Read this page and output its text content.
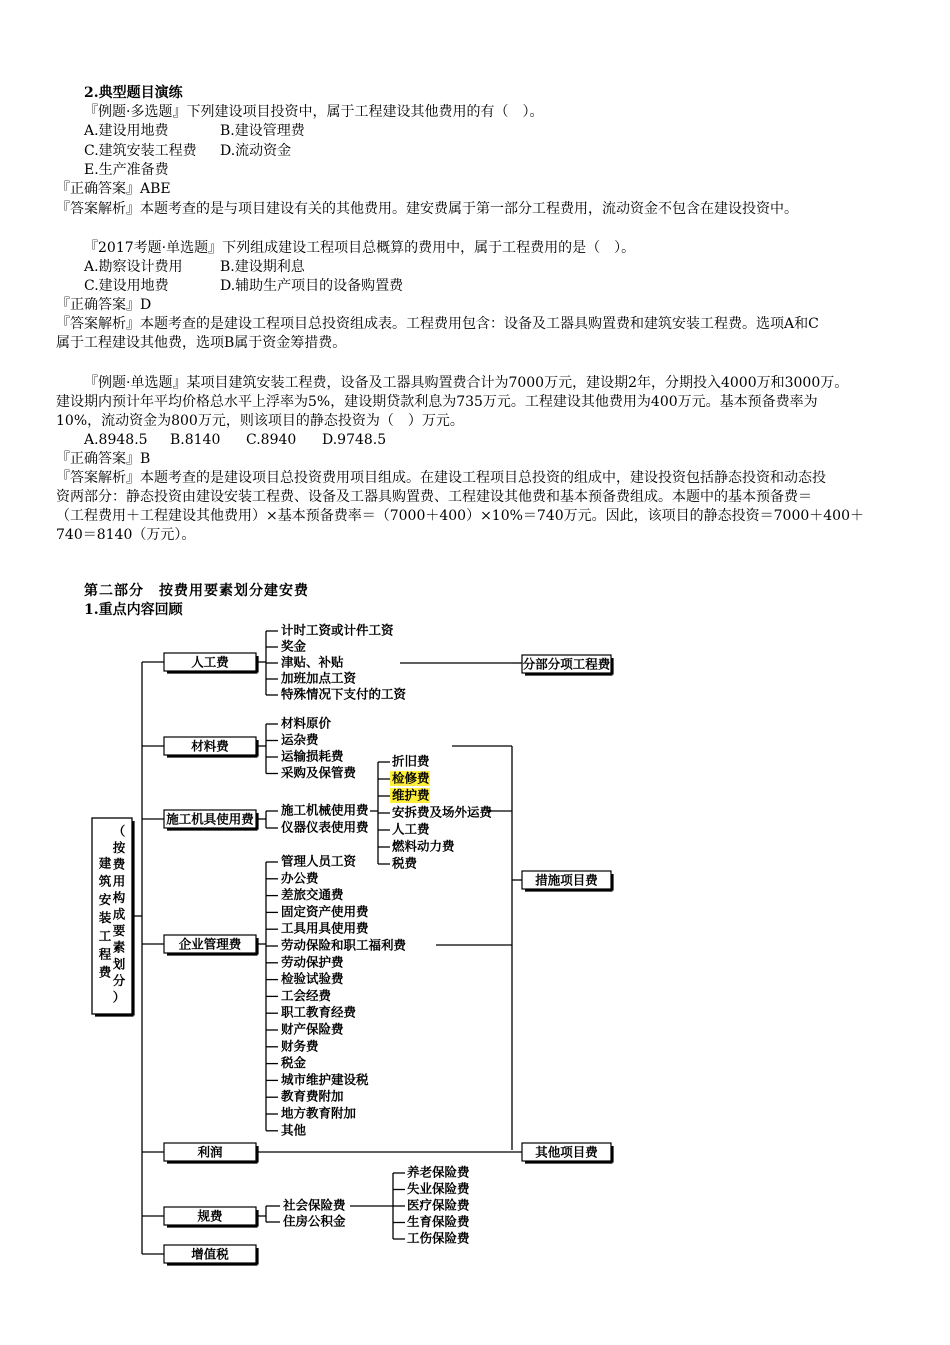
2.典型题目演练
『例题·多选题』下列建设项目投资中，属于工程建设其他费用的有（　）。
A.建设用地费	B.建设管理费
C.建筑安装工程费 D.流动资金
E.生产准备费
『正确答案』ABE
『答案解析』本题考查的是与项目建设有关的其他费用。建安费属于第一部分工程费用，流动资金不包含在建设投资中。
『2017考题·单选题』下列组成建设工程项目总概算的费用中，属于工程费用的是（　）。
A.勘察设计费用	B.建设期利息
C.建设用地费	D.辅助生产项目的设备购置费
『正确答案』D
『答案解析』本题考查的是建设工程项目总投资组成表。工程费用包含：设备及工器具购置费和建筑安装工程费。选项A和C
属于工程建设其他费，选项B属于资金筹措费。
『例题·单选题』某项目建筑安装工程费，设备及工器具购置费合计为7000万元，建设期2年，分期投入4000万和3000万。
建设期内预计年平均价格总水平上浮率为5%，建设期贷款利息为735万元。工程建设其他费用为400万元。基本预备费率为
10%，流动资金为800万元，则该项目的静态投资为（　）万元。
A.8948.5 B.8140 C.8940 D.9748.5
『正确答案』B
『答案解析』本题考查的是建设项目总投资费用项目组成。在建设工程项目总投资的组成中，建设投资包括静态投资和动态投
资两部分：静态投资由建设安装工程费、设备及工器具购置费、工程建设其他费和基本预备费组成。本题中的基本预备费＝
（工程费用＋工程建设其他费用）×基本预备费率＝（7000＋400）×10%＝740万元。因此，该项目的静态投资＝7000＋400＋
740＝8140（万元）。
第二部分　按费用要素划分建安费
1.重点内容回顾
（
按
费
用
构
成
要
素
划
分
）
建
筑
安
装
工
程
费
人工费
材料费
施工机具使用费
企业管理费
利润
规费
增值税
计时工资或计件工资
奖金
津贴、补贴
加班加点工资
特殊情况下支付的工资
分部分项工程费
材料原价
运杂费
运输损耗费
采购及保管费
施工机械使用费
仪器仪表使用费
折旧费
检修费
维护费
安拆费及场外运费
人工费
燃料动力费
税费
措施项目费
管理人员工资
办公费
差旅交通费
固定资产使用费
工具用具使用费
劳动保险和职工福利费
劳动保护费
检验试验费
工会经费
职工教育经费
财产保险费
财务费
税金
城市维护建设税
教育费附加
地方教育附加
其他
其他项目费
社会保险费
住房公积金
养老保险费
失业保险费
医疗保险费
生育保险费
工伤保险费
